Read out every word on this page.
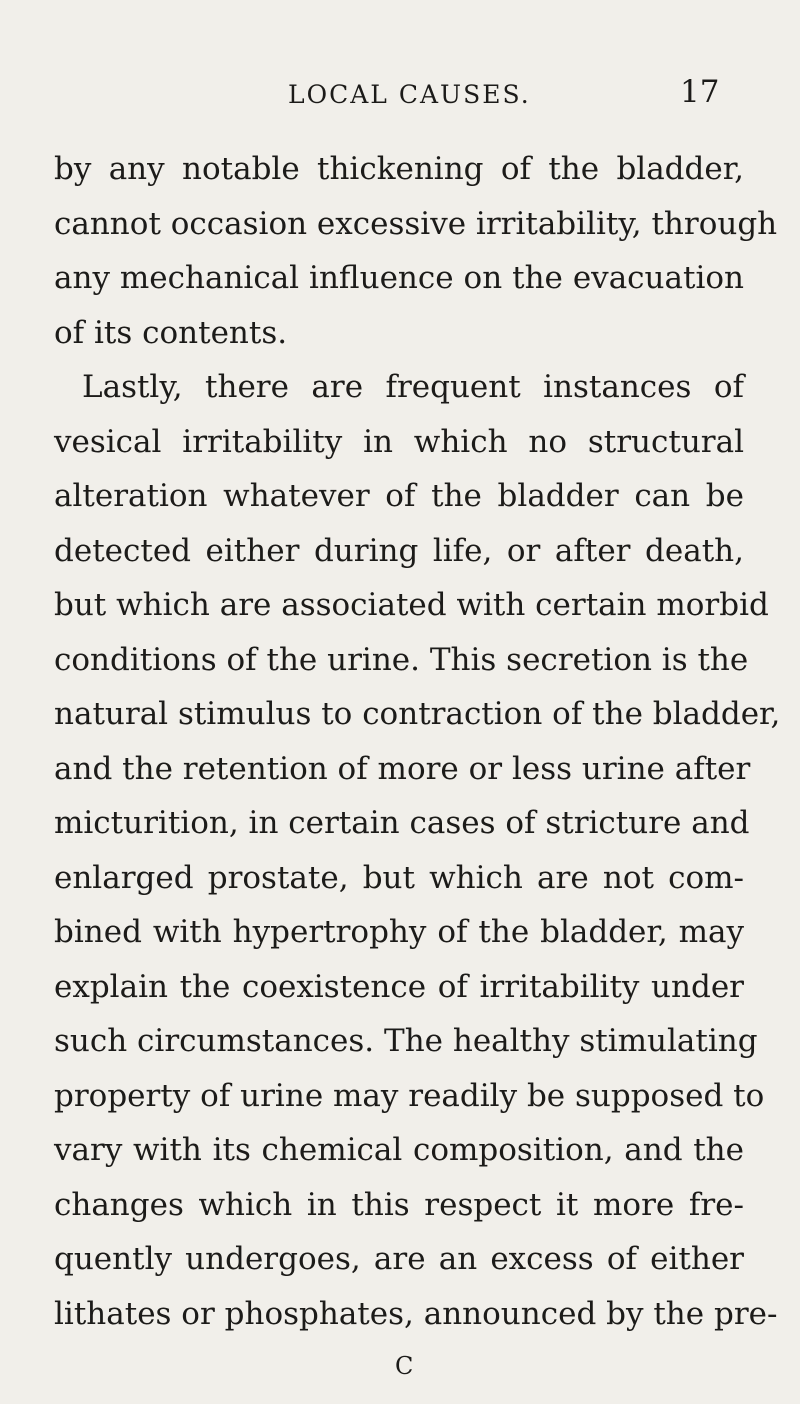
LOCAL CAUSES.	17
by any notable thickening of the bladder,
cannot occasion excessive irritability, through
any mechanical influence on the evacuation
of its contents.
Lastly, there are frequent instances of
vesical irritability in which no structural
alteration whatever of the bladder can be
detected either during life, or after death,
but which are associated with certain morbid
conditions of the urine. This secretion is the
natural stimulus to contraction of the bladder,
and the retention of more or less urine after
micturition, in certain cases of stricture and
enlarged prostate, but which are not com-
bined with hypertrophy of the bladder, may
explain the coexistence of irritability under
such circumstances. The healthy stimulating
property of urine may readily be supposed to
vary with its chemical composition, and the
changes which in this respect it more fre-
quently undergoes, are an excess of either
lithates or phosphates, announced by the pre-
C
